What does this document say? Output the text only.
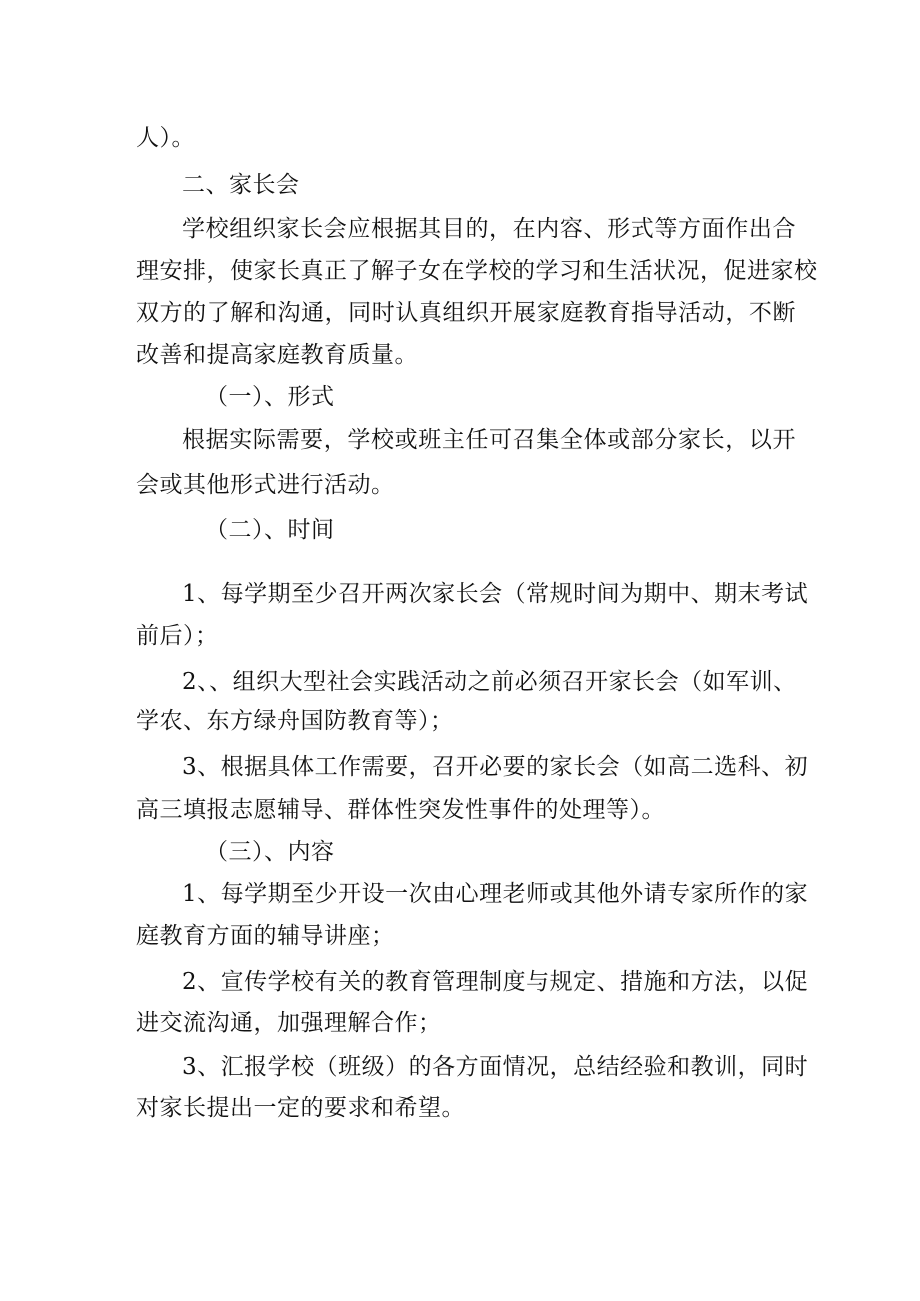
人）。
二、家长会
学校组织家长会应根据其目的，在内容、形式等方面作出合
理安排，使家长真正了解子女在学校的学习和生活状况，促进家校
双方的了解和沟通，同时认真组织开展家庭教育指导活动，不断
改善和提高家庭教育质量。
（一）、形式
根据实际需要，学校或班主任可召集全体或部分家长，以开
会或其他形式进行活动。
（二）、时间
1、每学期至少召开两次家长会（常规时间为期中、期末考试
前后）；
2、、组织大型社会实践活动之前必须召开家长会（如军训、
学农、东方绿舟国防教育等）；
3、根据具体工作需要，召开必要的家长会（如高二选科、初
高三填报志愿辅导、群体性突发性事件的处理等）。
（三）、内容
1、每学期至少开设一次由心理老师或其他外请专家所作的家
庭教育方面的辅导讲座；
2、宣传学校有关的教育管理制度与规定、措施和方法，以促
进交流沟通，加强理解合作；
3、汇报学校（班级）的各方面情况，总结经验和教训，同时
对家长提出一定的要求和希望。
